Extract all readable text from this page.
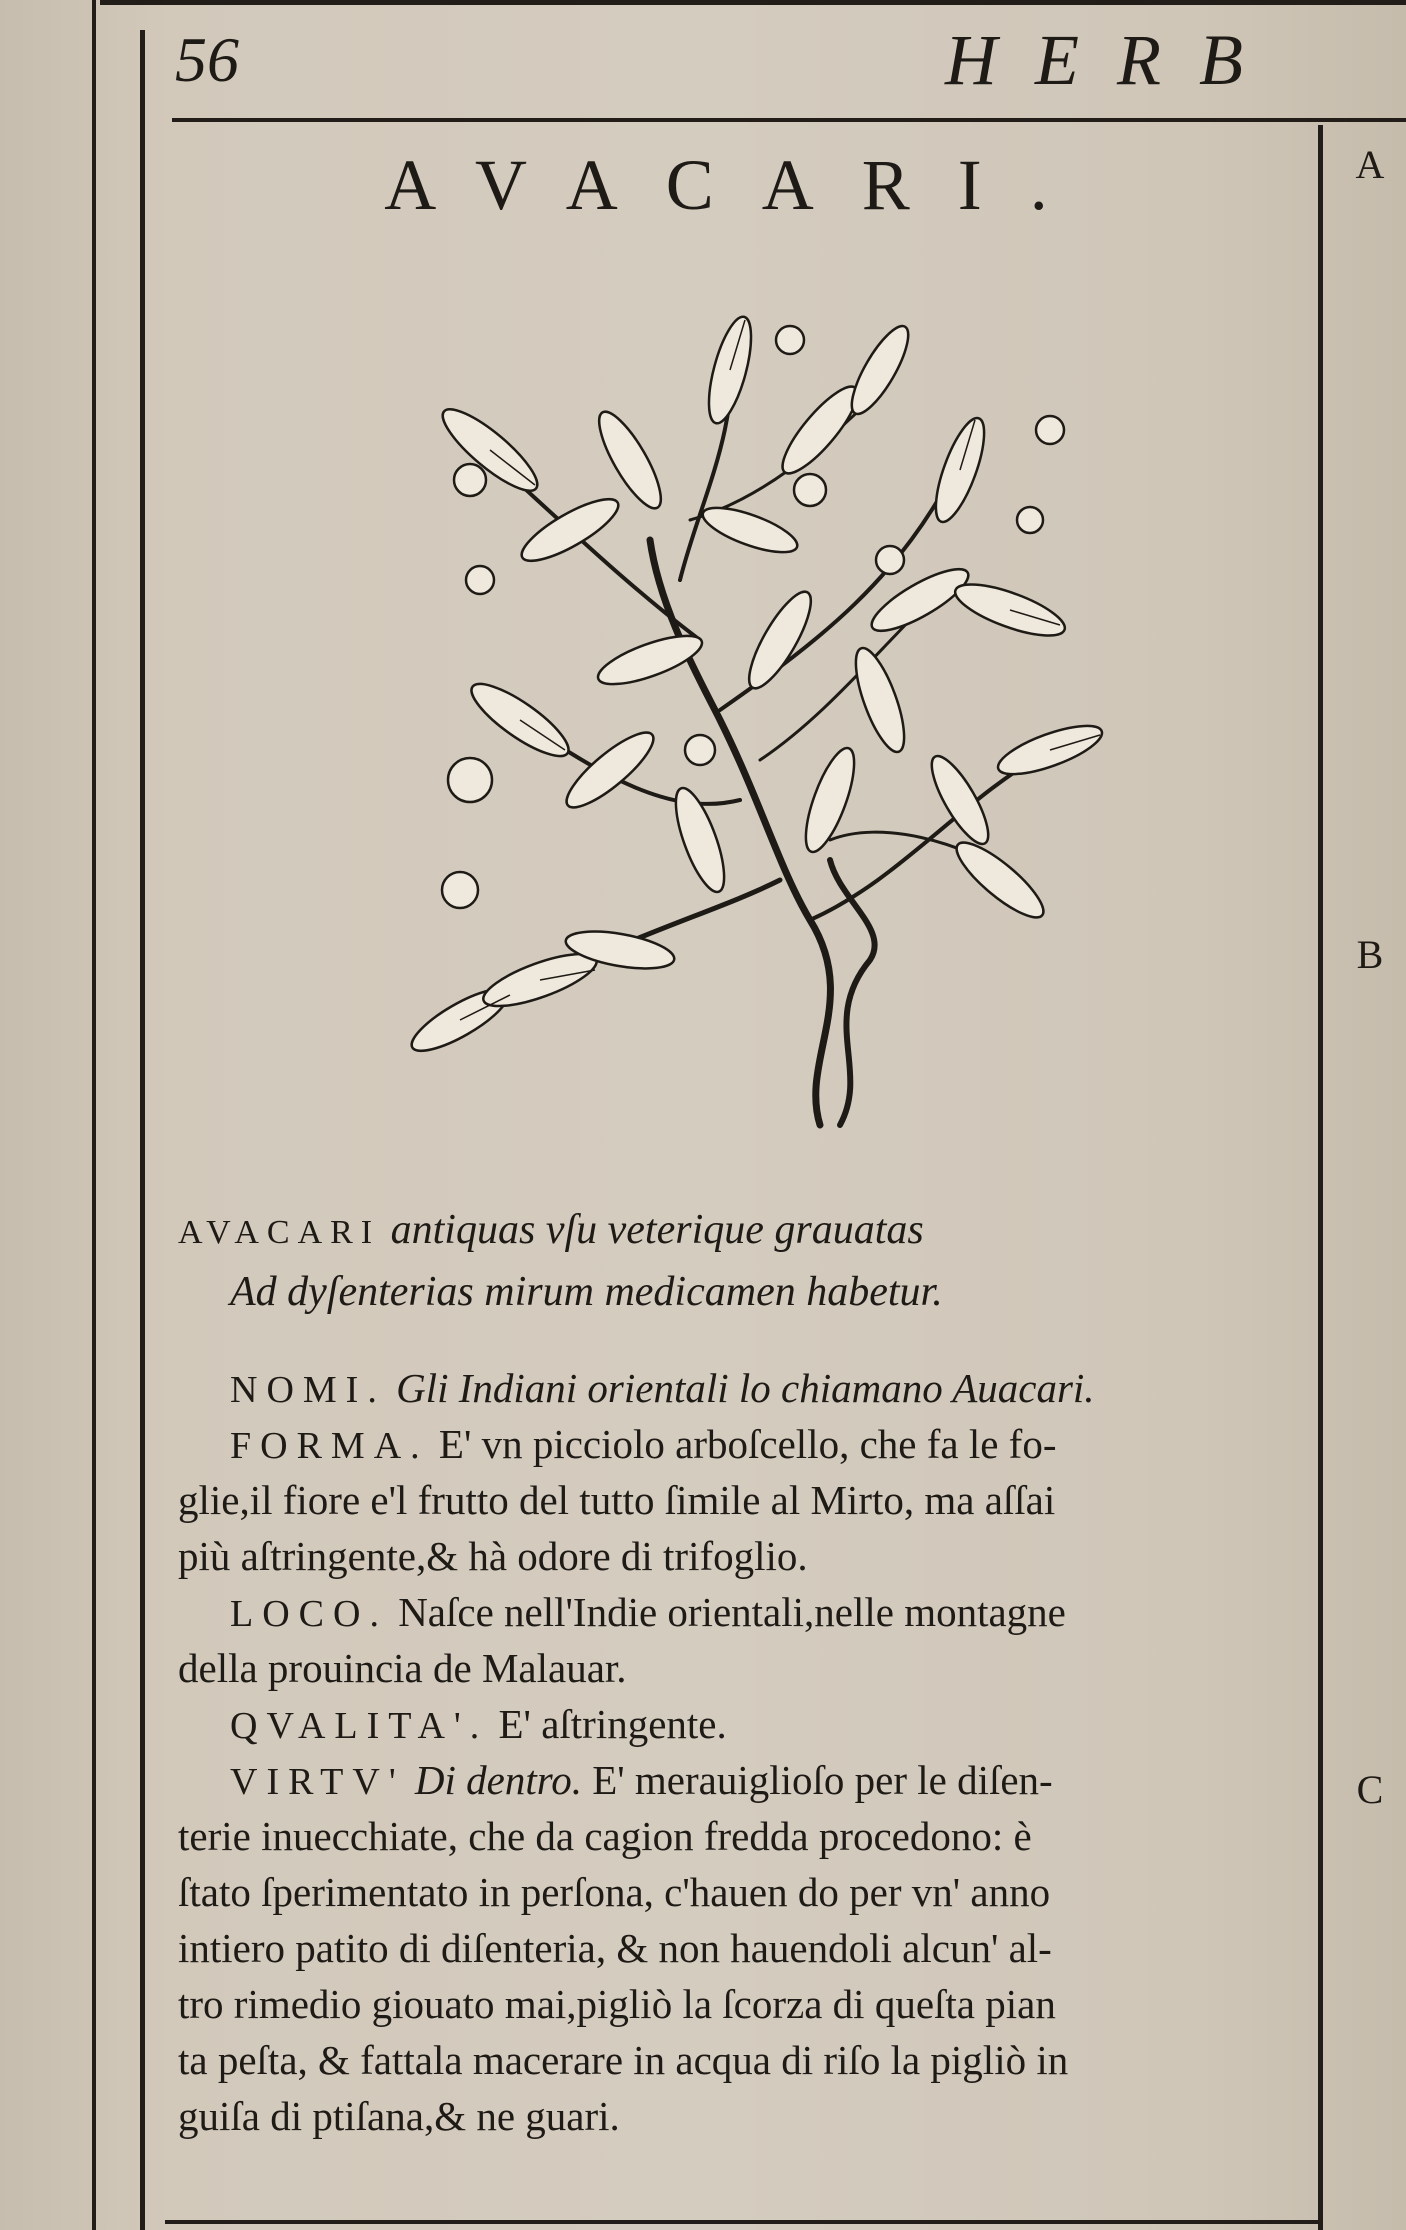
56	HERB
A
B
C
AVACARI.
AVACARI antiquas vſu veterique grauatas
Ad dyſenterias mirum medicamen habetur.
NOMI. Gli Indiani orientali lo chiamano Auacari.
FORMA. E' vn picciolo arboſcello, che fa le fo-
glie,il fiore e'l frutto del tutto ſimile al Mirto, ma aſſai
più aſtringente,& hà odore di trifoglio.
LOCO. Naſce nell'Indie orientali,nelle montagne
della prouincia de Malauar.
QVALITA'. E' aſtringente.
VIRTV' Di dentro. E' merauiglioſo per le diſen-
terie inuecchiate, che da cagion fredda procedono: è
ſtato ſperimentato in perſona, c'hauen do per vn' anno
intiero patito di diſenteria, & non hauendoli alcun' al-
tro rimedio giouato mai,pigliò la ſcorza di queſta pian
ta peſta, & fattala macerare in acqua di riſo la pigliò in
guiſa di ptiſana,& ne guari.
